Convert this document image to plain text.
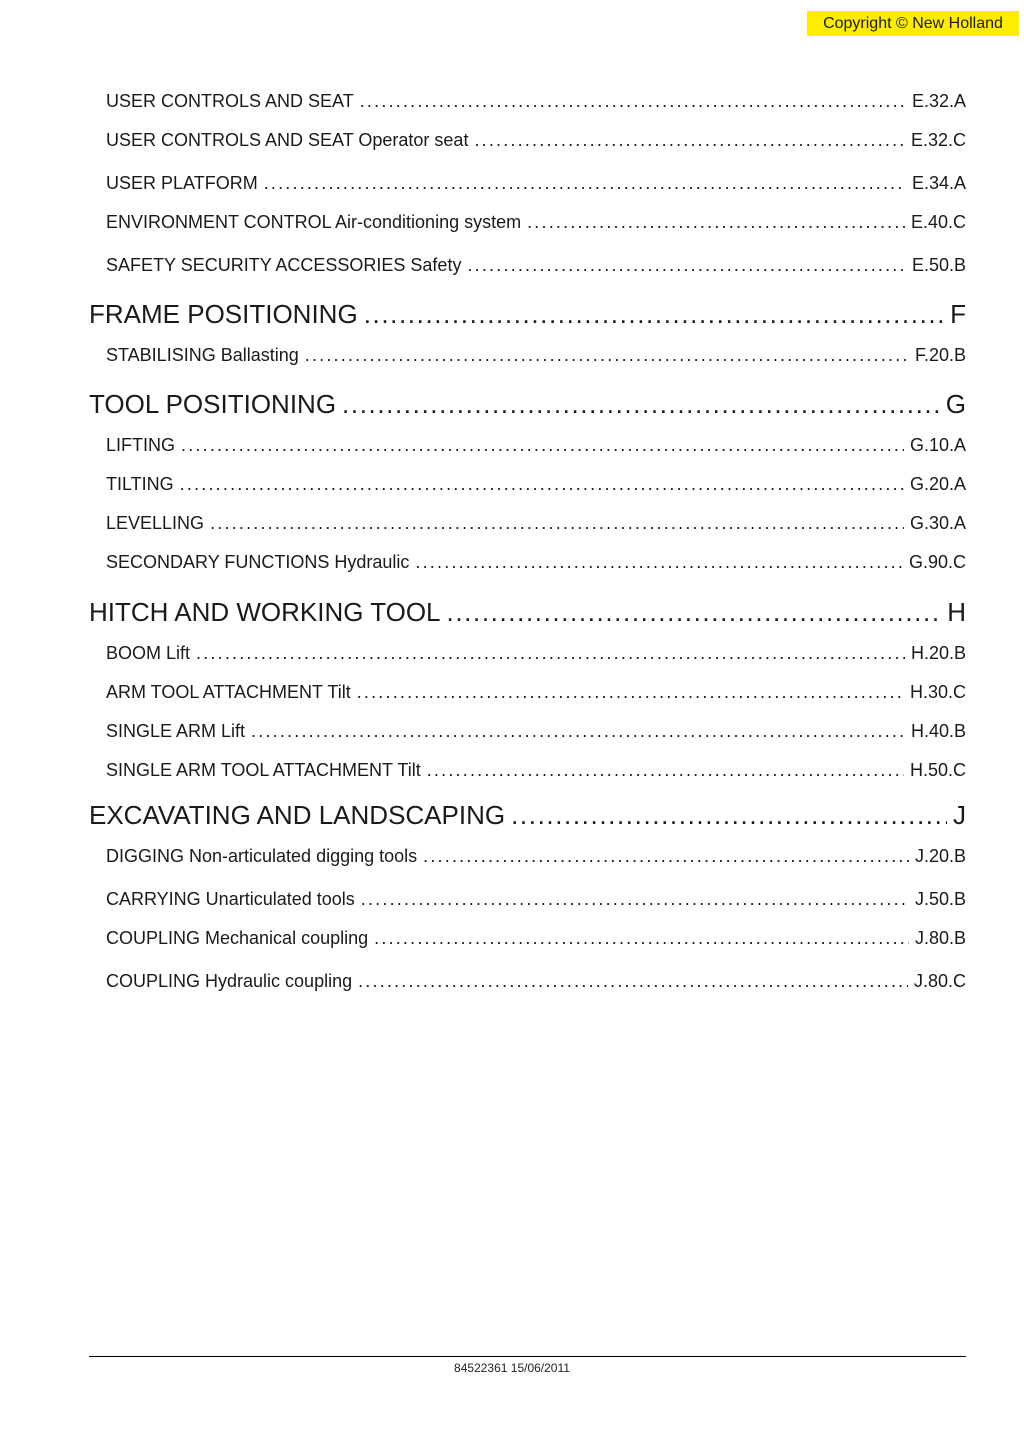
Copyright © New Holland
USER CONTROLS AND SEAT .....	E.32.A
USER CONTROLS AND SEAT Operator seat .....	E.32.C
USER PLATFORM .....	E.34.A
ENVIRONMENT CONTROL Air-conditioning system .....	E.40.C
SAFETY SECURITY ACCESSORIES Safety .....	E.50.B
FRAME POSITIONING .....	F
STABILISING Ballasting .....	F.20.B
TOOL POSITIONING .....	G
LIFTING .....	G.10.A
TILTING .....	G.20.A
LEVELLING .....	G.30.A
SECONDARY FUNCTIONS Hydraulic .....	G.90.C
HITCH AND WORKING TOOL .....	H
BOOM Lift .....	H.20.B
ARM TOOL ATTACHMENT Tilt .....	H.30.C
SINGLE ARM Lift .....	H.40.B
SINGLE ARM TOOL ATTACHMENT Tilt .....	H.50.C
EXCAVATING AND LANDSCAPING .....	J
DIGGING Non-articulated digging tools .....	J.20.B
CARRYING Unarticulated tools .....	J.50.B
COUPLING Mechanical coupling .....	J.80.B
COUPLING Hydraulic coupling .....	J.80.C
84522361 15/06/2011
